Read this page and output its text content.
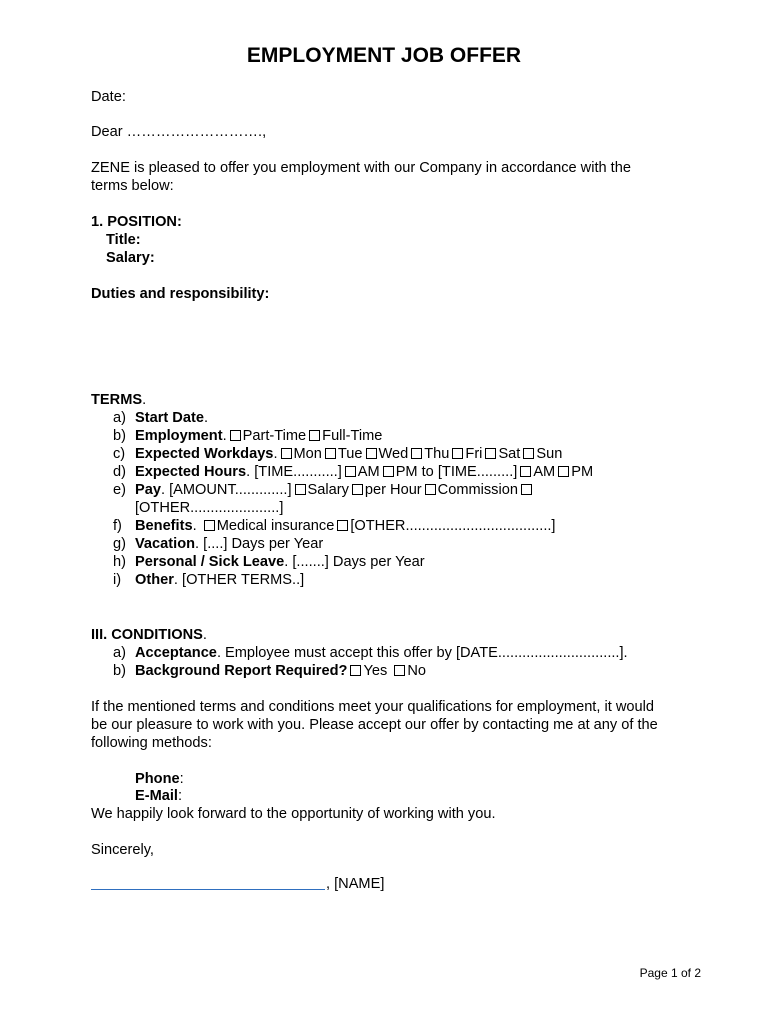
EMPLOYMENT JOB OFFER
Date:
Dear ……………………….,
ZENE is pleased to offer you employment with our Company in accordance with the
terms below:
1. POSITION:
Title:
Salary:
Duties and responsibility:
TERMS.
a) Start Date.
b) Employment. Part-Time Full-Time
c) Expected Workdays. Mon Tue Wed Thu Fri Sat Sun
d) Expected Hours. [TIME...........] AM PM to [TIME.........] AM PM
e) Pay. [AMOUNT.............] Salary per Hour Commission
[OTHER......................]
f) Benefits. Medical insurance [OTHER....................................]
g) Vacation. [....] Days per Year
h) Personal / Sick Leave. [.......] Days per Year
i) Other. [OTHER TERMS..]
III. CONDITIONS.
a) Acceptance. Employee must accept this offer by [DATE..............................].
b) Background Report Required? Yes No
If the mentioned terms and conditions meet your qualifications for employment, it would
be our pleasure to work with you. Please accept our offer by contacting me at any of the
following methods:
Phone:
E-Mail:
We happily look forward to the opportunity of working with you.
Sincerely,
, [NAME]
Page 1 of 2
